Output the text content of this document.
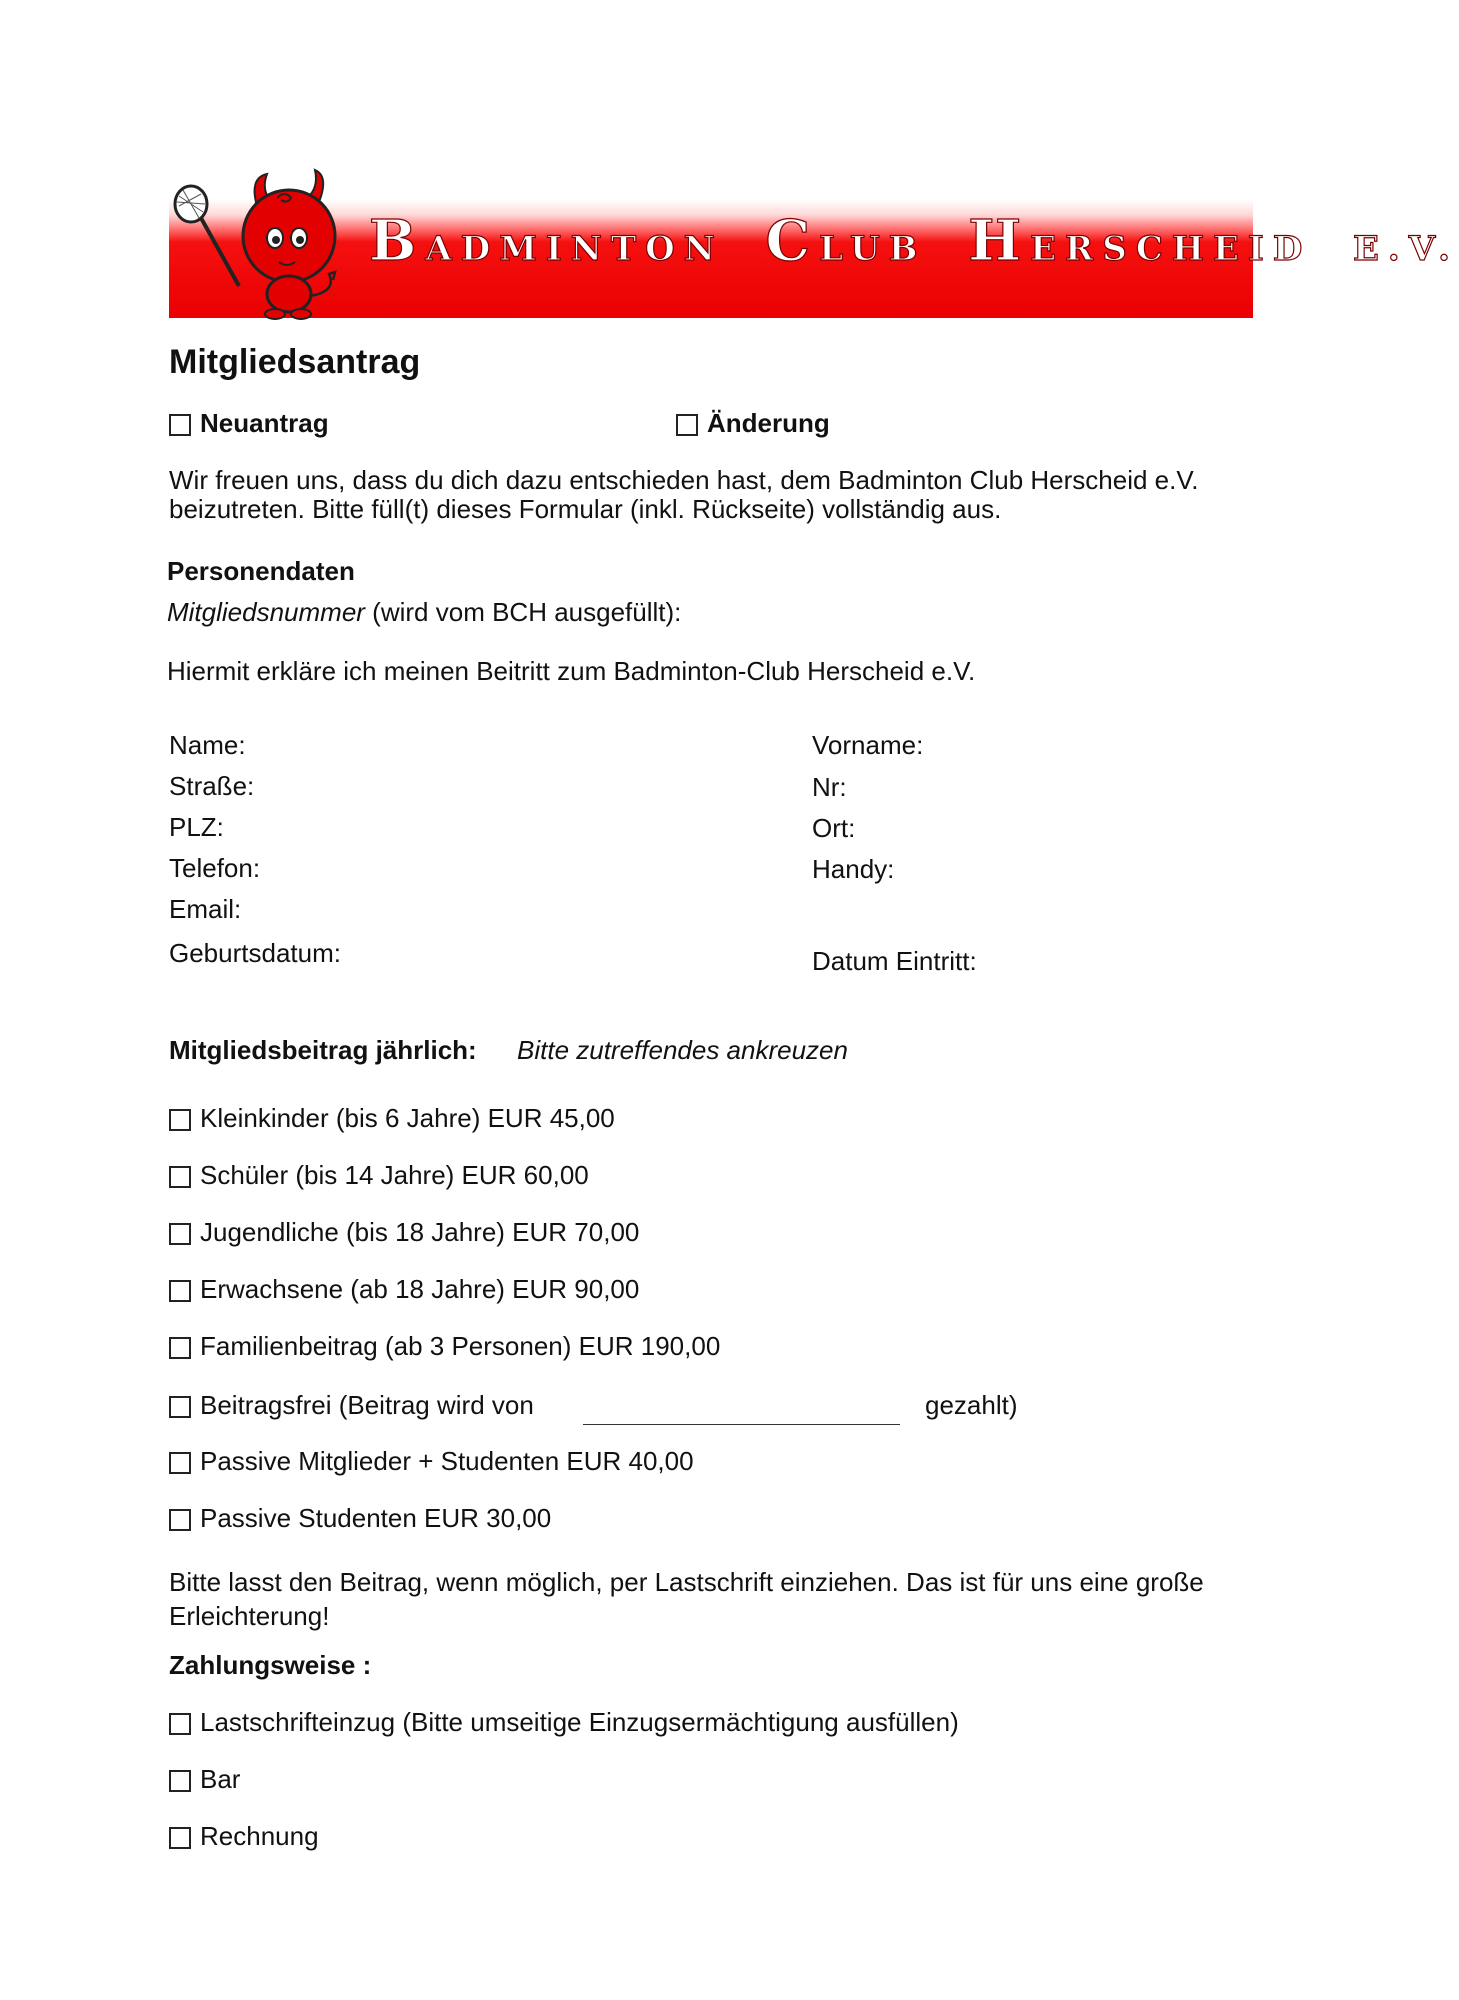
BADMINTON  CLUB  HERSCHEID  E.V.
Mitgliedsantrag
Neuantrag	Änderung

Wir freuen uns, dass du dich dazu entschieden hast, dem Badminton Club Herscheid e.V.

beizutreten. Bitte füll(t) dieses Formular (inkl. Rückseite) vollständig aus.

Personendaten
Mitgliedsnummer (wird vom BCH ausgefüllt):
Hiermit erkläre ich meinen Beitritt zum Badminton-Club Herscheid e.V.
Name:
Straße:
PLZ:
Telefon:
Email:
Geburtsdatum:
Vorname:
Nr:
Ort:
Handy:
Datum Eintritt:
Mitgliedsbeitrag jährlich: Bitte zutreffendes ankreuzen
Kleinkinder (bis 6 Jahre) EUR 45,00
Schüler (bis 14 Jahre) EUR 60,00
Jugendliche (bis 18 Jahre) EUR 70,00
Erwachsene (ab 18 Jahre) EUR 90,00
Familienbeitrag (ab 3 Personen) EUR 190,00
Beitragsfrei (Beitrag wird von	gezahlt)
Passive Mitglieder + Studenten EUR 40,00
Passive Studenten EUR 30,00

Bitte lasst den Beitrag, wenn möglich, per Lastschrift einziehen. Das ist für uns eine große

Erleichterung!

Zahlungsweise :
Lastschrifteinzug (Bitte umseitige Einzugsermächtigung ausfüllen)
Bar
Rechnung
